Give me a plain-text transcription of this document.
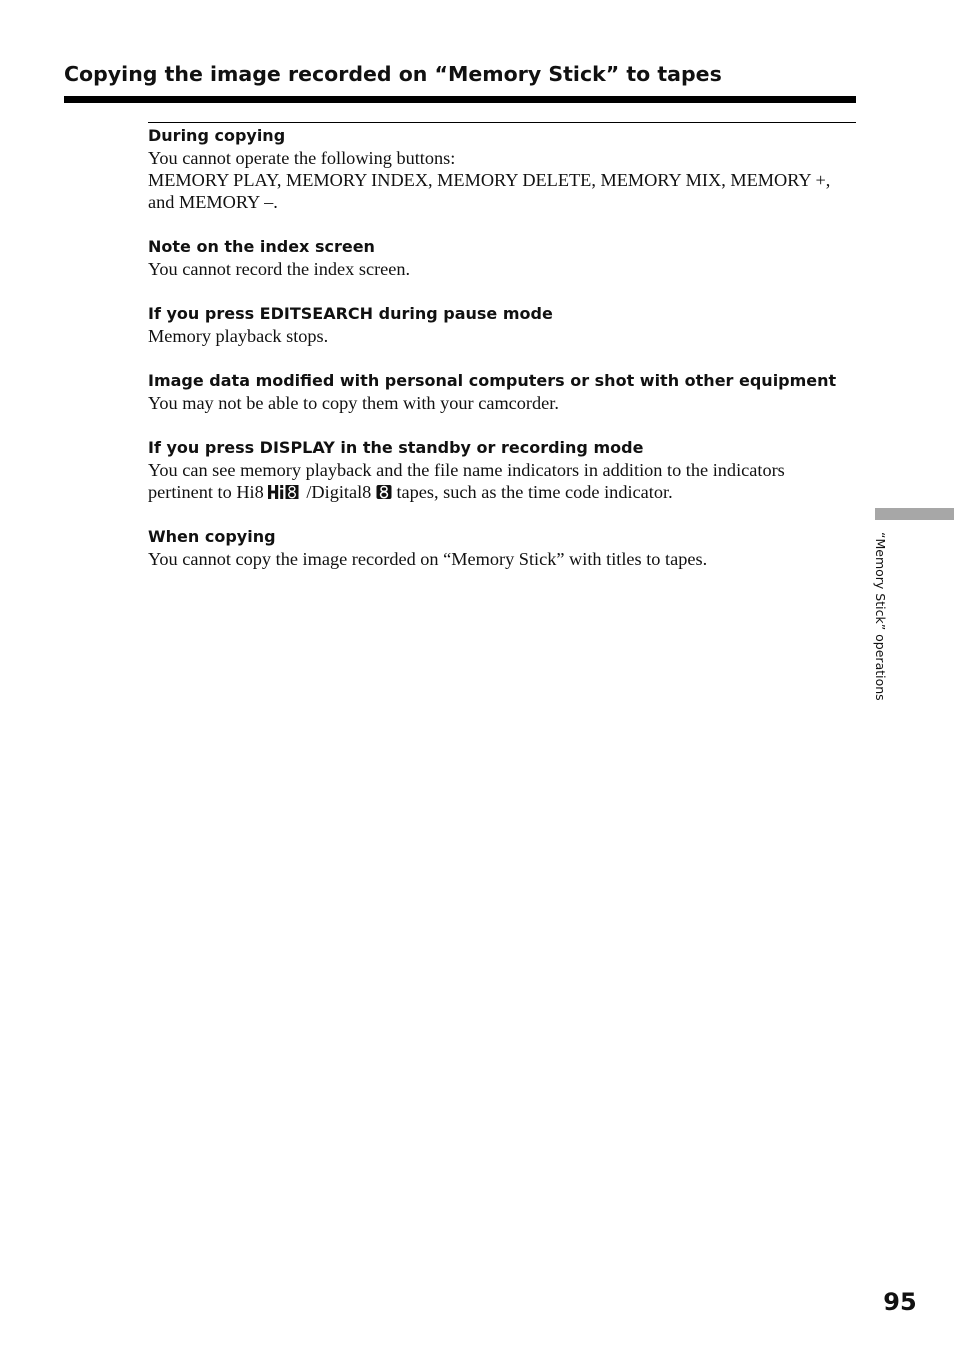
Copying the image recorded on “Memory Stick” to tapes
During copying
You cannot operate the following buttons:
MEMORY PLAY, MEMORY INDEX, MEMORY DELETE, MEMORY MIX, MEMORY +,
and MEMORY –.
Note on the index screen
You cannot record the index screen.
If you press EDITSEARCH during pause mode
Memory playback stops.
Image data modified with personal computers or shot with other equipment
You may not be able to copy them with your camcorder.
If you press DISPLAY in the standby or recording mode
You can see memory playback and the file name indicators in addition to the indicators
pertinent to Hi8 /Digital8  tapes, such as the time code indicator.
When copying
You cannot copy the image recorded on “Memory Stick” with titles to tapes.	“Memory Stick” operations
95
